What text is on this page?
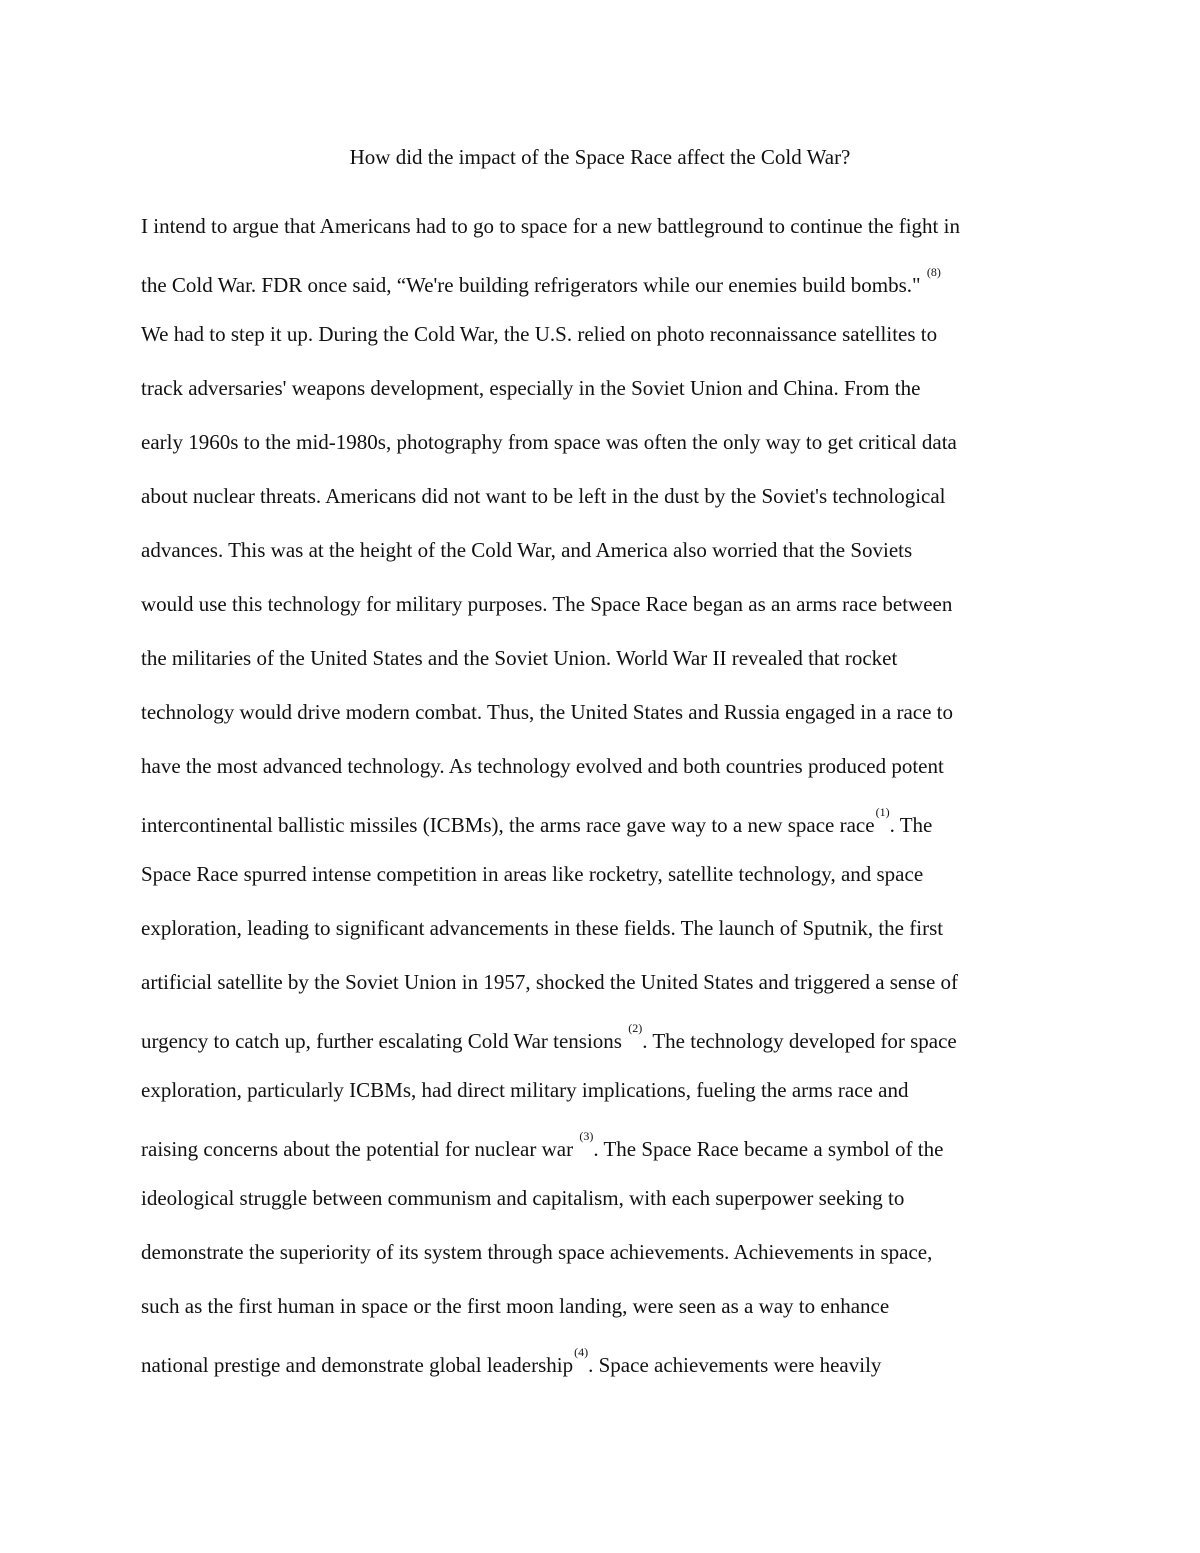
How did the impact of the Space Race affect the Cold War?
I intend to argue that Americans had to go to space for a new battleground to continue the fight in
the Cold War. FDR once said, “We're building refrigerators while our enemies build bombs." $^{(8)}$
We had to step it up. During the Cold War, the U.S. relied on photo reconnaissance satellites to
track adversaries' weapons development, especially in the Soviet Union and China. From the
early 1960s to the mid-1980s, photography from space was often the only way to get critical data
about nuclear threats. Americans did not want to be left in the dust by the Soviet's technological
advances. This was at the height of the Cold War, and America also worried that the Soviets
would use this technology for military purposes. The Space Race began as an arms race between
the militaries of the United States and the Soviet Union. World War II revealed that rocket
technology would drive modern combat. Thus, the United States and Russia engaged in a race to
have the most advanced technology. As technology evolved and both countries produced potent
intercontinental ballistic missiles (ICBMs), the arms race gave way to a new space race$^{(1)}$. The
Space Race spurred intense competition in areas like rocketry, satellite technology, and space
exploration, leading to significant advancements in these fields. The launch of Sputnik, the first
artificial satellite by the Soviet Union in 1957, shocked the United States and triggered a sense of
urgency to catch up, further escalating Cold War tensions $^{(2)}$. The technology developed for space
exploration, particularly ICBMs, had direct military implications, fueling the arms race and
raising concerns about the potential for nuclear war $^{(3)}$. The Space Race became a symbol of the
ideological struggle between communism and capitalism, with each superpower seeking to
demonstrate the superiority of its system through space achievements. Achievements in space,
such as the first human in space or the first moon landing, were seen as a way to enhance
national prestige and demonstrate global leadership$^{(4)}$. Space achievements were heavily
